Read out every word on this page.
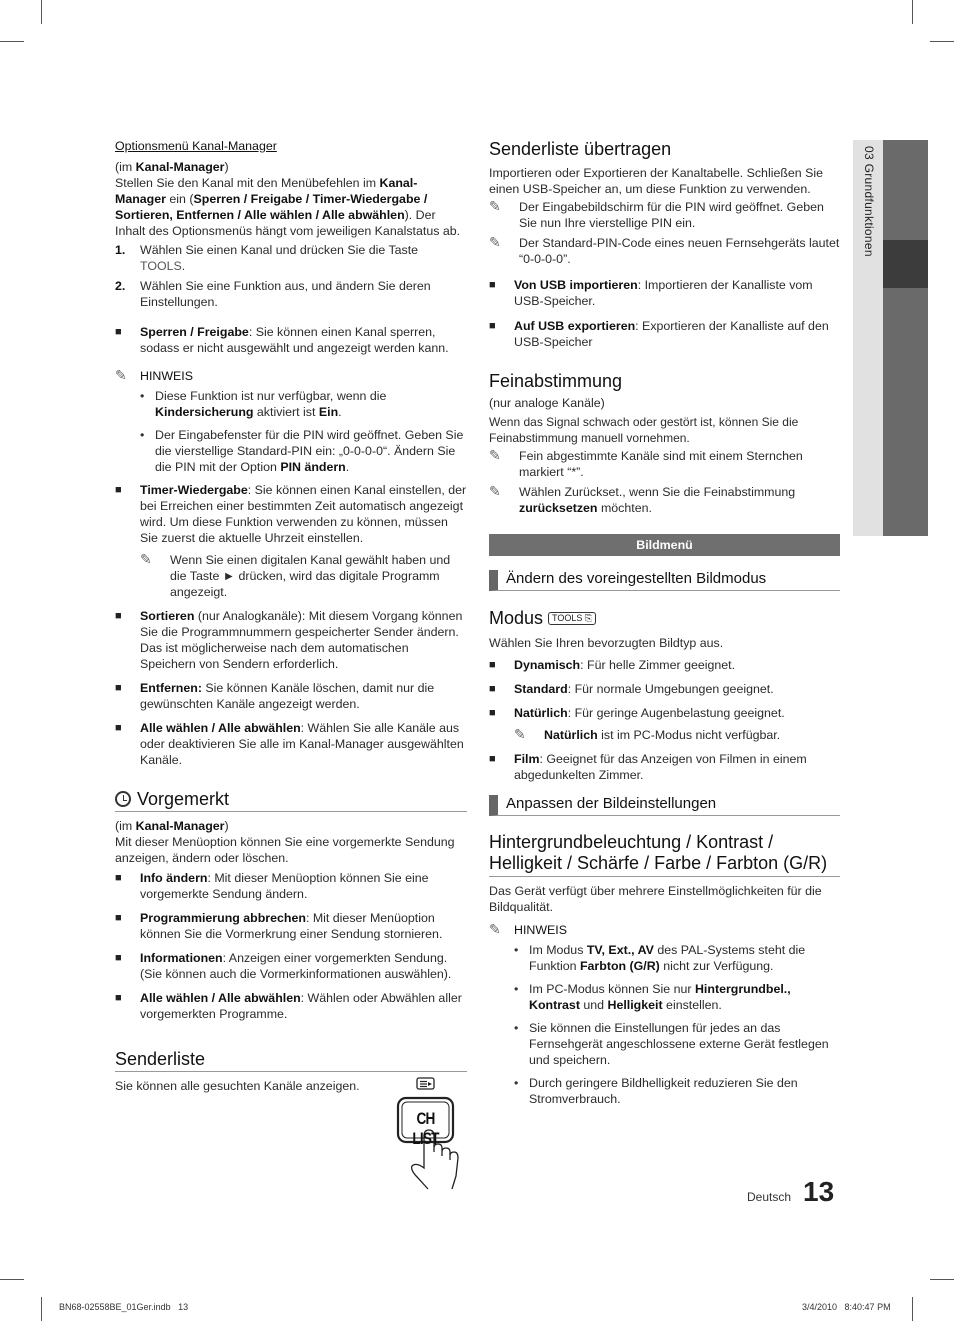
03 Grundfunktionen
Optionsmenü Kanal-Manager

(im Kanal-Manager)

Stellen Sie den Kanal mit den Menübefehlen im Kanal-Manager ein (Sperren / Freigabe / Timer-Wiedergabe / Sortieren, Entfernen / Alle wählen / Alle abwählen). Der Inhalt des Optionsmenüs hängt vom jeweiligen Kanalstatus ab.

1. Wählen Sie einen Kanal und drücken Sie die Taste
TOOLS.
2. Wählen Sie eine Funktion aus, und ändern Sie deren Einstellungen.
■ Sperren / Freigabe: Sie können einen Kanal sperren, sodass er nicht ausgewählt und angezeigt werden kann.
✎ HINWEIS
• Diese Funktion ist nur verfügbar, wenn die Kindersicherung aktiviert ist Ein.
• Der Eingabefenster für die PIN wird geöffnet. Geben Sie die vierstellige Standard-PIN ein: „0-0-0-0“. Ändern Sie die PIN mit der Option PIN ändern.
■ Timer-Wiedergabe: Sie können einen Kanal einstellen, der bei Erreichen einer bestimmten Zeit automatisch angezeigt wird. Um diese Funktion verwenden zu können, müssen Sie zuerst die aktuelle Uhrzeit einstellen.
✎ Wenn Sie einen digitalen Kanal gewählt haben und die Taste ► drücken, wird das digitale Programm angezeigt.
■ Sortieren (nur Analogkanäle): Mit diesem Vorgang können Sie die Programmnummern gespeicherter Sender ändern. Das ist möglicherweise nach dem automatischen Speichern von Sendern erforderlich.
■ Entfernen: Sie können Kanäle löschen, damit nur die gewünschten Kanäle angezeigt werden.
■ Alle wählen / Alle abwählen: Wählen Sie alle Kanäle aus oder deaktivieren Sie alle im Kanal-Manager ausgewählten Kanäle.
Vorgemerkt

(im Kanal-Manager)

Mit dieser Menüoption können Sie eine vorgemerkte Sendung anzeigen, ändern oder löschen.

■ Info ändern: Mit dieser Menüoption können Sie eine vorgemerkte Sendung ändern.
■ Programmierung abbrechen: Mit dieser Menüoption können Sie die Vormerkrung einer Sendung stornieren.
■ Informationen: Anzeigen einer vorgemerkten Sendung. (Sie können auch die Vormerkinformationen auswählen).
■ Alle wählen / Alle abwählen: Wählen oder Abwählen aller vorgemerkten Programme.
Senderliste

Sie können alle gesuchten Kanäle anzeigen.

CH LIST
Senderliste übertragen

Importieren oder Exportieren der Kanaltabelle. Schließen Sie einen USB-Speicher an, um diese Funktion zu verwenden.

✎ Der Eingabebildschirm für die PIN wird geöffnet. Geben Sie nun Ihre vierstellige PIN ein.
✎ Der Standard-PIN-Code eines neuen Fernsehgeräts lautet “0-0-0-0”.
■ Von USB importieren: Importieren der Kanalliste vom USB-Speicher.
■ Auf USB exportieren: Exportieren der Kanalliste auf den USB-Speicher
Feinabstimmung

(nur analoge Kanäle)

Wenn das Signal schwach oder gestört ist, können Sie die Feinabstimmung manuell vornehmen.

✎ Fein abgestimmte Kanäle sind mit einem Sternchen markiert “*”.
✎ Wählen Zurückset., wenn Sie die Feinabstimmung zurücksetzen möchten.
Bildmenü
Ändern des voreingestellten Bildmodus
Modus TOOLS ⎘

Wählen Sie Ihren bevorzugten Bildtyp aus.

■ Dynamisch: Für helle Zimmer geeignet.
■ Standard: Für normale Umgebungen geeignet.
■ Natürlich: Für geringe Augenbelastung geeignet.
✎ Natürlich ist im PC-Modus nicht verfügbar.
■ Film: Geeignet für das Anzeigen von Filmen in einem abgedunkelten Zimmer.
Anpassen der Bildeinstellungen
Hintergrundbeleuchtung / Kontrast / Helligkeit / Schärfe / Farbe / Farbton (G/R)

Das Gerät verfügt über mehrere Einstellmöglichkeiten für die Bildqualität.

✎ HINWEIS
• Im Modus TV, Ext., AV des PAL-Systems steht die Funktion Farbton (G/R) nicht zur Verfügung.
• Im PC-Modus können Sie nur Hintergrundbel., Kontrast und Helligkeit einstellen.
• Sie können die Einstellungen für jedes an das Fernsehgerät angeschlossene externe Gerät festlegen und speichern.
• Durch geringere Bildhelligkeit reduzieren Sie den Stromverbrauch.
Deutsch 13
BN68-02558BE_01Ger.indb   13	3/4/2010   8:40:47 PM
